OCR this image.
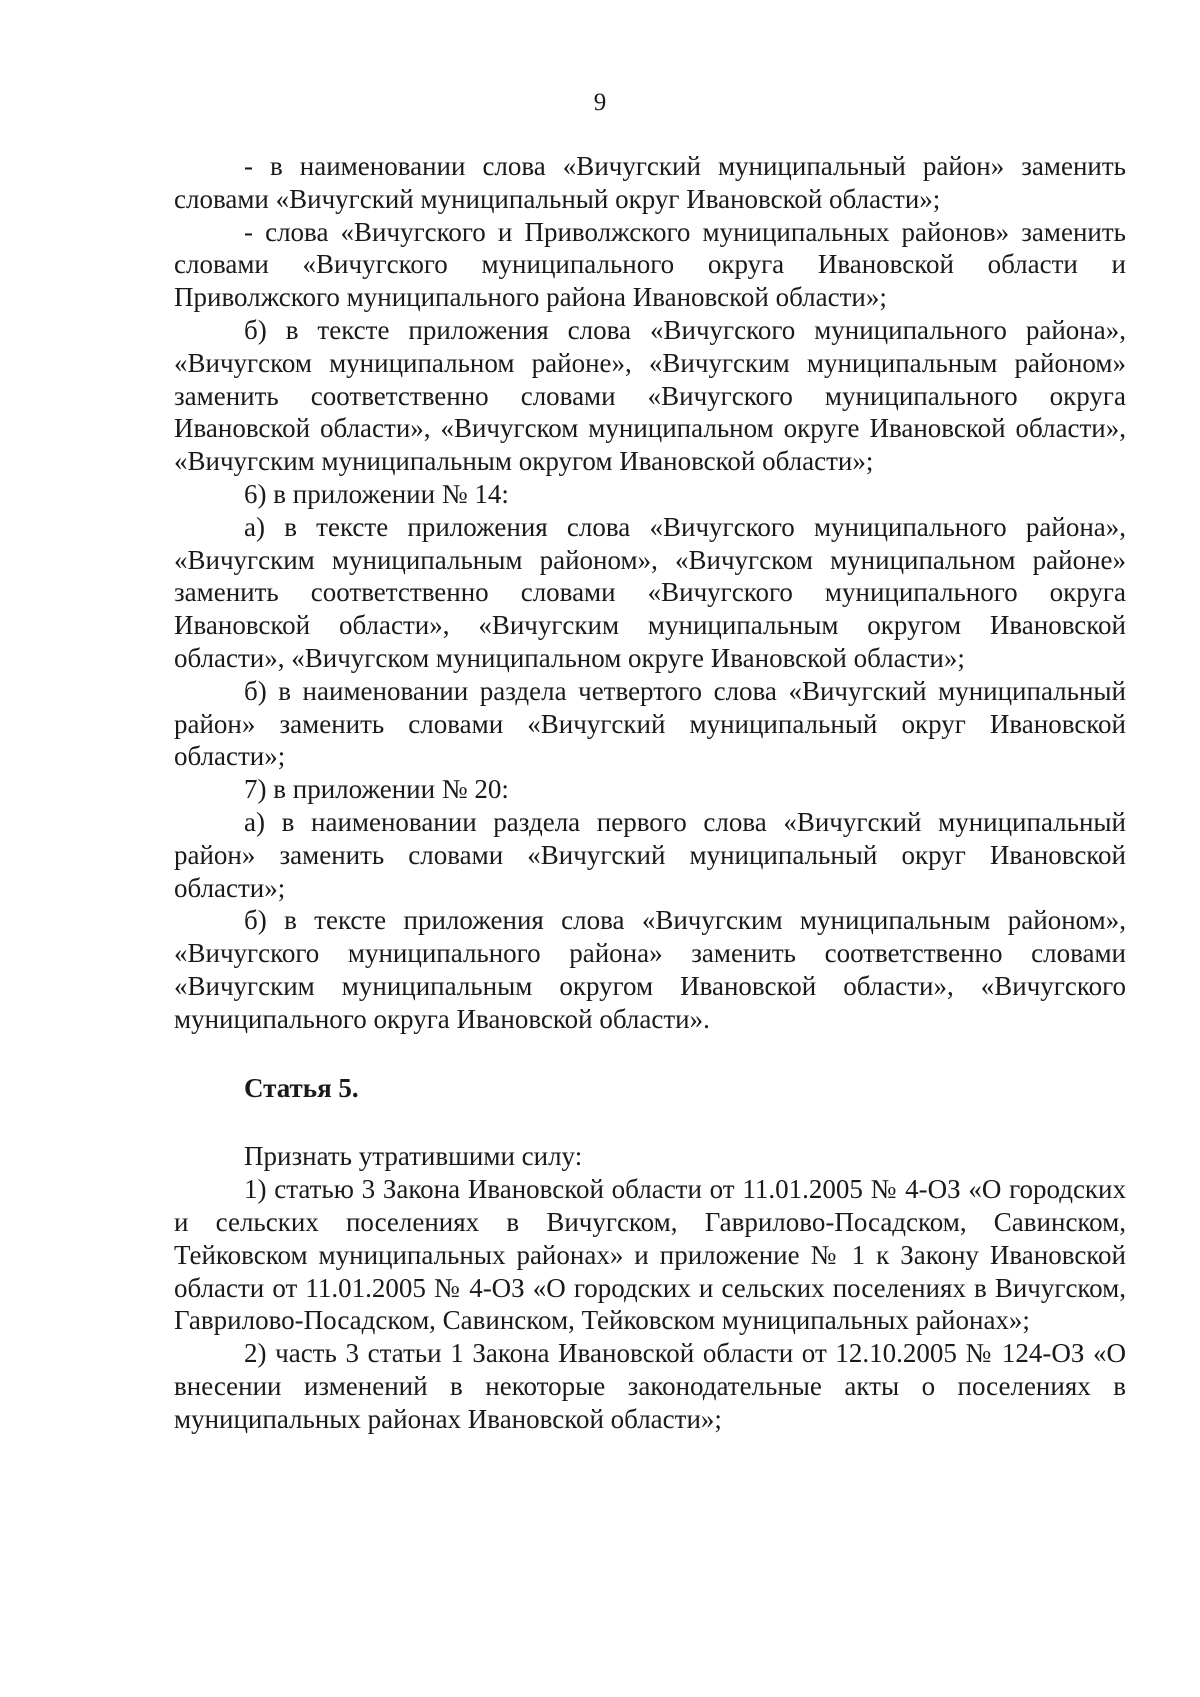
9

- в наименовании слова «Вичугский муниципальный район» заменить словами «Вичугский муниципальный округ Ивановской области»;

- слова «Вичугского и Приволжского муниципальных районов» заменить словами «Вичугского муниципального округа Ивановской области и Приволжского муниципального района Ивановской области»;

б) в тексте приложения слова «Вичугского муниципального района», «Вичугском муниципальном районе», «Вичугским муниципальным районом» заменить соответственно словами «Вичугского муниципального округа Ивановской области», «Вичугском муниципальном округе Ивановской области», «Вичугским муниципальным округом Ивановской области»;

6) в приложении № 14:

а) в тексте приложения слова «Вичугского муниципального района», «Вичугским муниципальным районом», «Вичугском муниципальном районе» заменить соответственно словами «Вичугского муниципального округа Ивановской области», «Вичугским муниципальным округом Ивановской области», «Вичугском муниципальном округе Ивановской области»;

б) в наименовании раздела четвертого слова «Вичугский муниципальный район» заменить словами «Вичугский муниципальный округ Ивановской области»;

7) в приложении № 20:

а) в наименовании раздела первого слова «Вичугский муниципальный район» заменить словами «Вичугский муниципальный округ Ивановской области»;

б) в тексте приложения слова «Вичугским муниципальным районом», «Вичугского муниципального района» заменить соответственно словами «Вичугским муниципальным округом Ивановской области», «Вичугского муниципального округа Ивановской области».

Статья 5.

Признать утратившими силу:

1) статью 3 Закона Ивановской области от 11.01.2005 № 4-ОЗ «О городских и сельских поселениях в Вичугском, Гаврилово-Посадском, Савинском, Тейковском муниципальных районах» и приложение № 1 к Закону Ивановской области от 11.01.2005 № 4-ОЗ «О городских и сельских поселениях в Вичугском, Гаврилово-Посадском, Савинском, Тейковском муниципальных районах»;

2) часть 3 статьи 1 Закона Ивановской области от 12.10.2005 № 124-ОЗ «О внесении изменений в некоторые законодательные акты о поселениях в муниципальных районах Ивановской области»;
